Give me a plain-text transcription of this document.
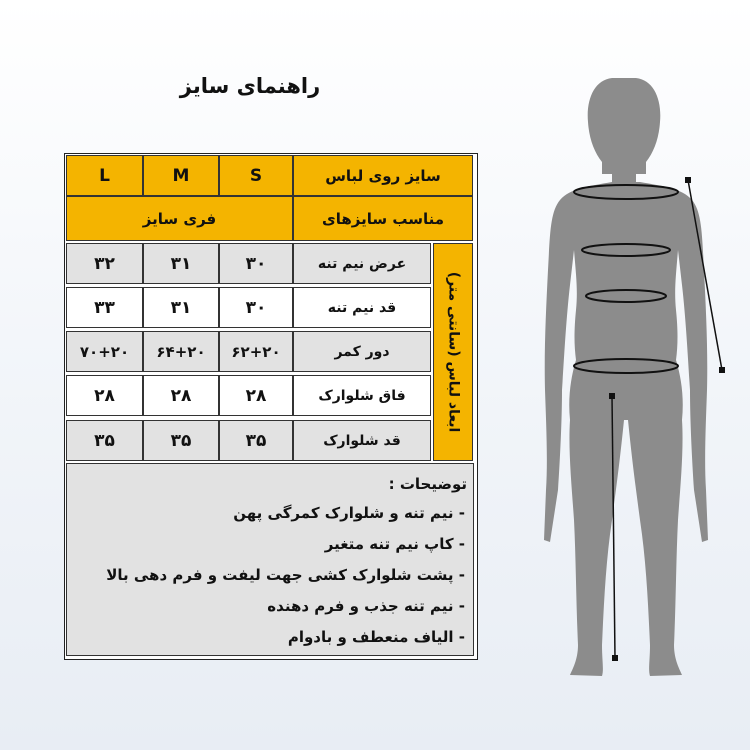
راهنمای سایز
سایز روی لباس
S
M
L
مناسب سایزهای
فری سایز
ابعاد لباس (سانتی متر)
عرض نیم تنه
۳۰
۳۱
۳۲
قد نیم تنه
۳۰
۳۱
۳۳
دور کمر
۶۲+۲۰
۶۴+۲۰
۷۰+۲۰
فاق شلوارک
۲۸
۲۸
۲۸
قد شلوارک
۳۵
۳۵
۳۵
توضیحات :
- نیم تنه و شلوارک کمرگی پهن
- کاپ نیم تنه متغیر
- پشت شلوارک کشی جهت لیفت و فرم دهی بالا
- نیم تنه جذب و فرم دهنده
- الیاف منعطف و بادوام
